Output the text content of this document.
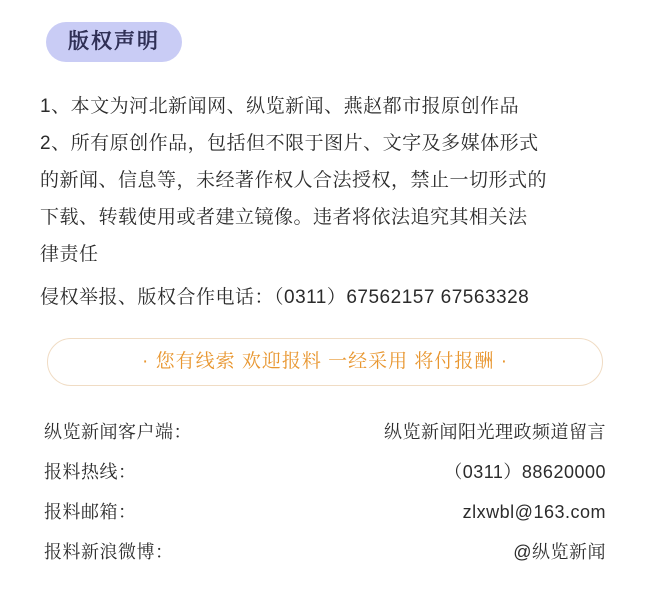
版权声明

1、本文为河北新闻网、纵览新闻、燕赵都市报原创作品

2、所有原创作品，包括但不限于图片、文字及多媒体形式

的新闻、信息等，未经著作权人合法授权，禁止一切形式的

下载、转载使用或者建立镜像。违者将依法追究其相关法

律责任

侵权举报、版权合作电话：（0311）67562157 67563328

· 您有线索 欢迎报料 一经采用 将付报酬 ·
纵览新闻客户端：	纵览新闻阳光理政频道留言
报料热线：	（0311）88620000
报料邮箱：	zlxwbl@163.com
报料新浪微博：	@纵览新闻
